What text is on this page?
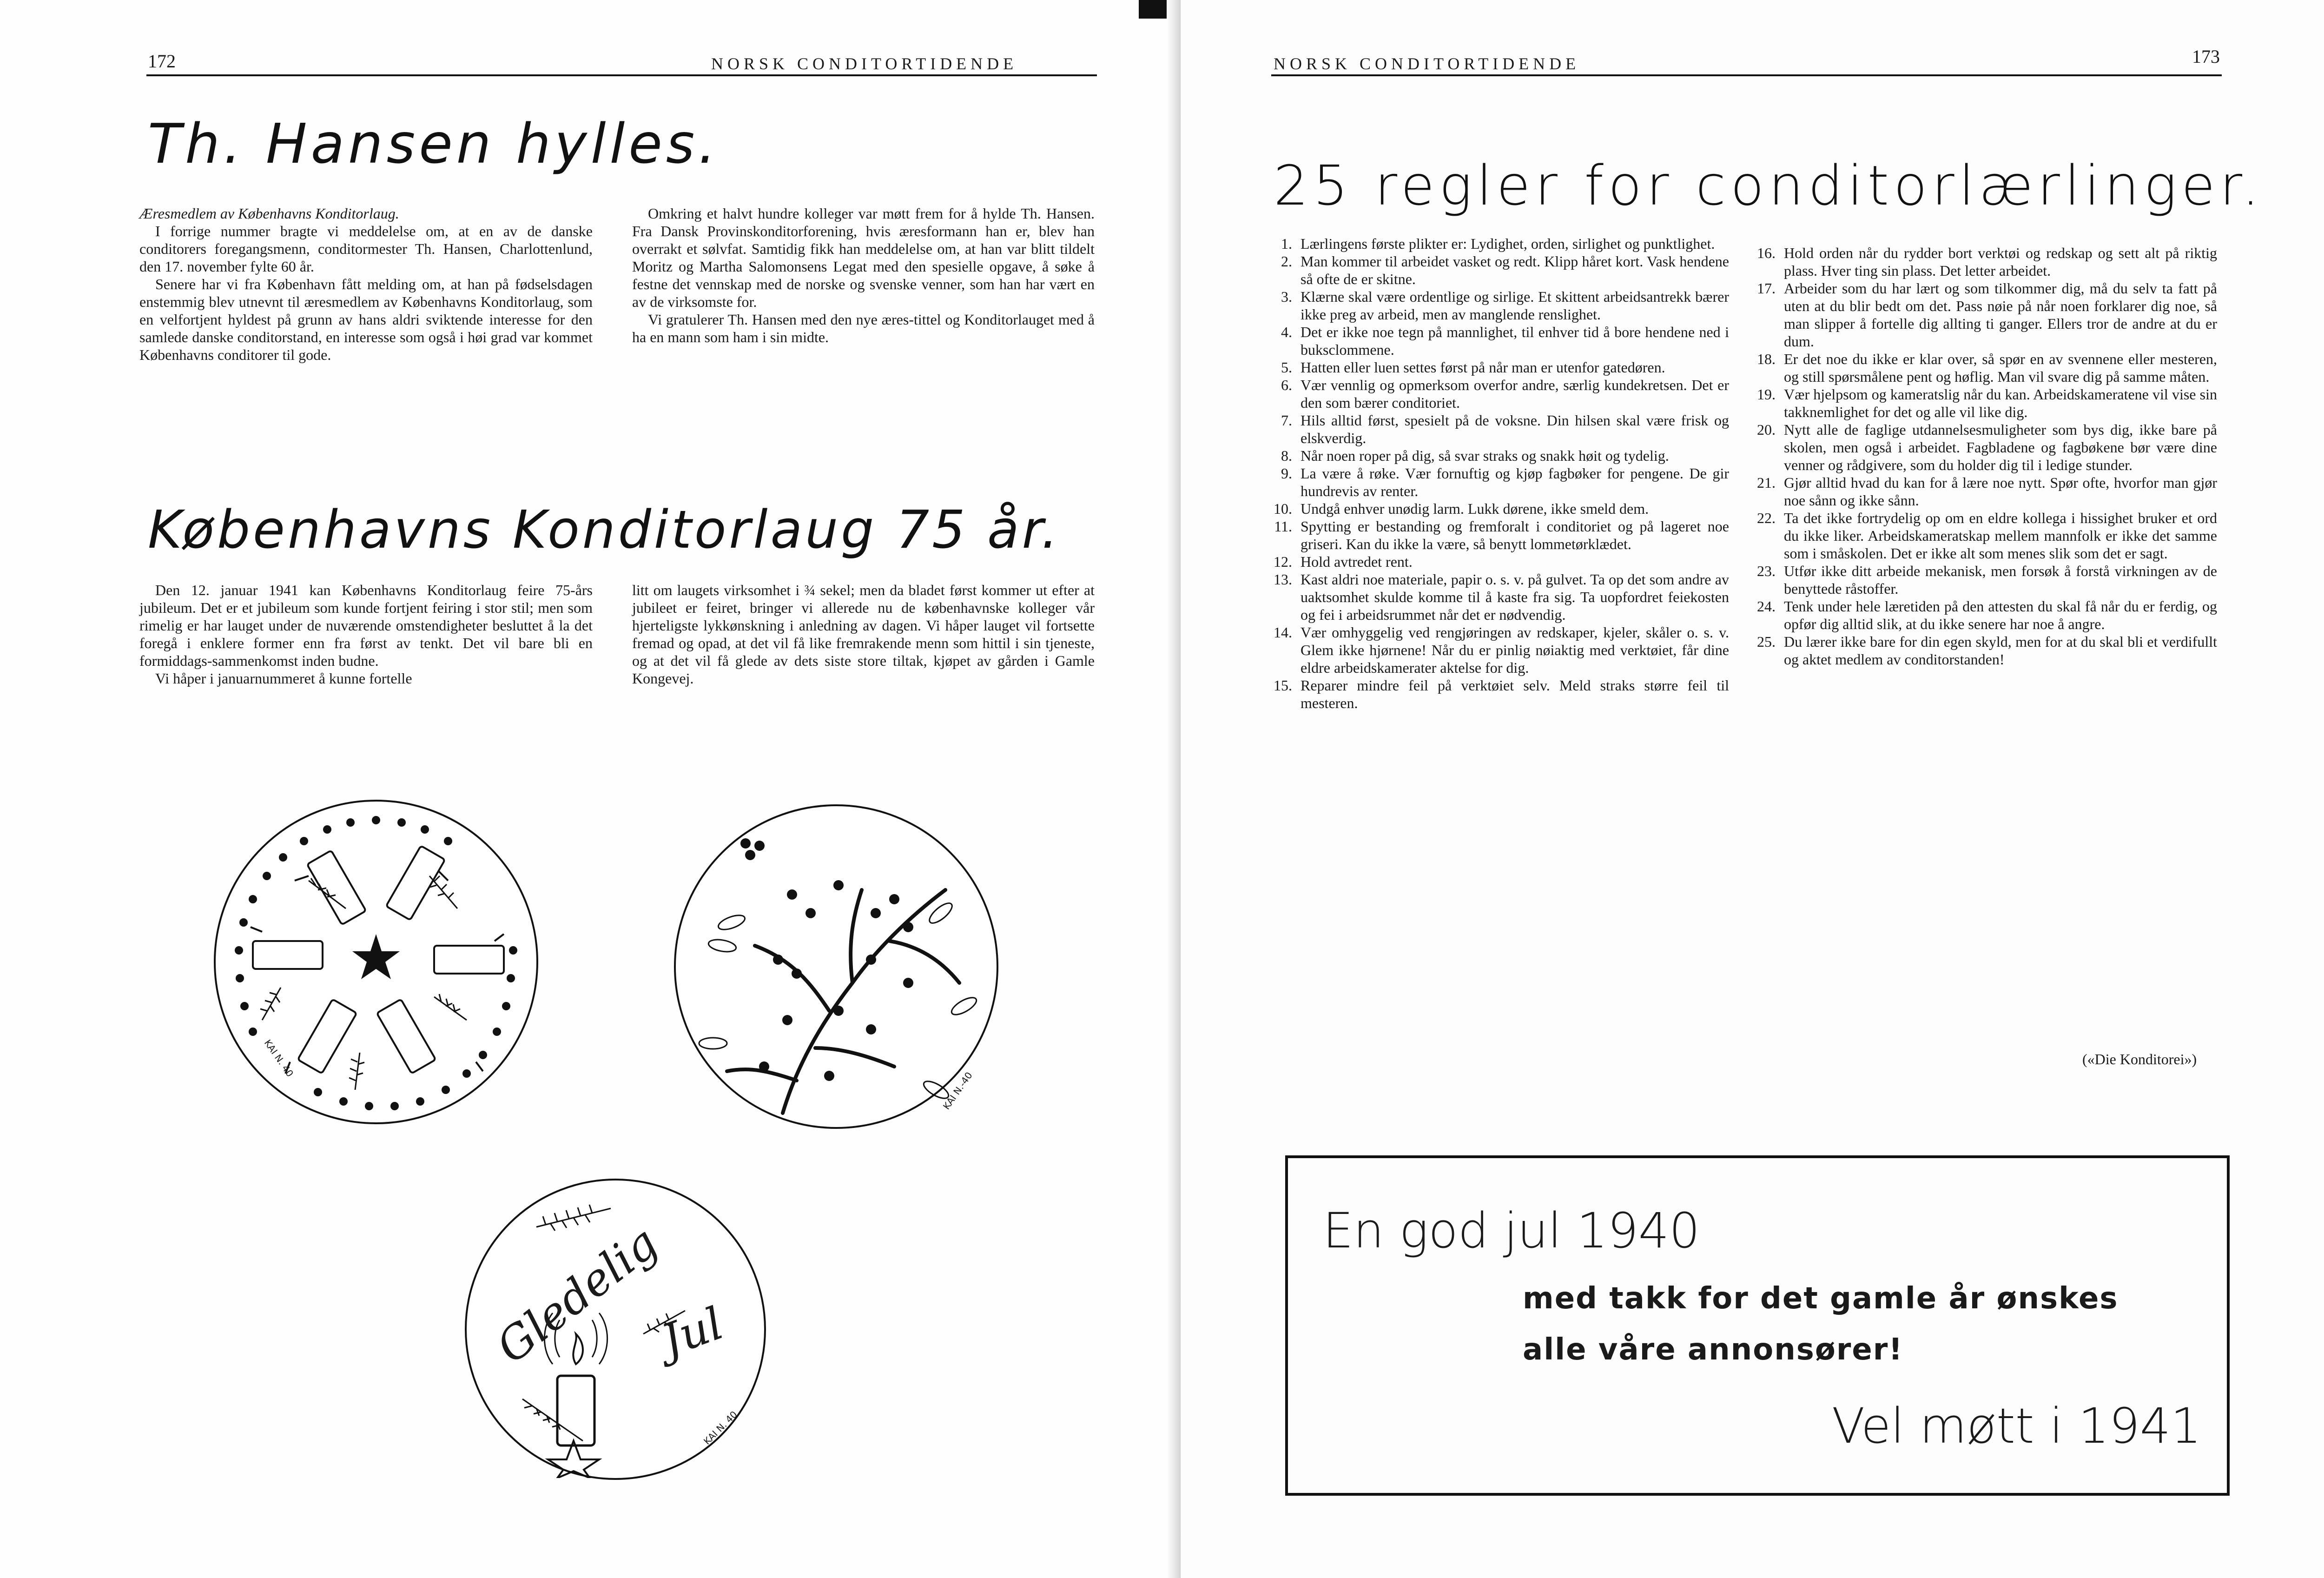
172	NORSK CONDITORTIDENDE
Th. Hansen hylles.

Æresmedlem av Københavns Konditorlaug.

I forrige nummer bragte vi meddelelse om, at en av de danske conditorers foregangsmenn, conditormester Th. Hansen, Charlottenlund, den 17. november fylte 60 år.

Senere har vi fra København fått melding om, at han på fødselsdagen enstemmig blev utnevnt til æresmedlem av Københavns Konditorlaug, som en velfortjent hyldest på grunn av hans aldri sviktende interesse for den samlede danske conditorstand, en interesse som også i høi grad var kommet Københavns conditorer til gode.

Omkring et halvt hundre kolleger var møtt frem for å hylde Th. Hansen. Fra Dansk Provinskonditorforening, hvis æresformann han er, blev han overrakt et sølvfat. Samtidig fikk han meddelelse om, at han var blitt tildelt Moritz og Martha Salomonsens Legat med den spesielle opgave, å søke å festne det vennskap med de norske og svenske venner, som han har vært en av de virksomste for.

Vi gratulerer Th. Hansen med den nye æres-tittel og Konditorlauget med å ha en mann som ham i sin midte.

Københavns Konditorlaug 75 år.

Den 12. januar 1941 kan Københavns Konditorlaug feire 75-års jubileum. Det er et jubileum som kunde fortjent feiring i stor stil; men som rimelig er har lauget under de nuværende omstendigheter besluttet å la det foregå i enklere former enn fra først av tenkt. Det vil bare bli en formiddags-sammenkomst inden budne.

Vi håper i januarnummeret å kunne fortelle

litt om laugets virksomhet i ¾ sekel; men da bladet først kommer ut efter at jubileet er feiret, bringer vi allerede nu de københavnske kolleger vår hjerteligste lykkønskning i anledning av dagen. Vi håper lauget vil fortsette fremad og opad, at det vil få like fremrakende menn som hittil i sin tjeneste, og at det vil få glede av dets siste store tiltak, kjøpet av gården i Gamle Kongevej.

KAI N. 40
KAI N.-40
Gledelig
Jul
KAI N. 40
NORSK CONDITORTIDENDE	173
25 regler for conditorlærlinger.
1. Lærlingens første plikter er: Lydighet, orden, sirlighet og punktlighet.
2. Man kommer til arbeidet vasket og redt. Klipp håret kort. Vask hendene så ofte de er skitne.
3. Klærne skal være ordentlige og sirlige. Et skittent arbeidsantrekk bærer ikke preg av arbeid, men av manglende renslighet.
4. Det er ikke noe tegn på mannlighet, til enhver tid å bore hendene ned i buksclommene.
5. Hatten eller luen settes først på når man er utenfor gatedøren.
6. Vær vennlig og opmerksom overfor andre, særlig kundekretsen. Det er den som bærer conditoriet.
7. Hils alltid først, spesielt på de voksne. Din hilsen skal være frisk og elskverdig.
8. Når noen roper på dig, så svar straks og snakk høit og tydelig.
9. La være å røke. Vær fornuftig og kjøp fagbøker for pengene. De gir hundrevis av renter.
10. Undgå enhver unødig larm. Lukk dørene, ikke smeld dem.
11. Spytting er bestanding og fremforalt i conditoriet og på lageret noe griseri. Kan du ikke la være, så benytt lommetørklædet.
12. Hold avtredet rent.
13. Kast aldri noe materiale, papir o. s. v. på gulvet. Ta op det som andre av uaktsomhet skulde komme til å kaste fra sig. Ta uopfordret feiekosten og fei i arbeidsrummet når det er nødvendig.
14. Vær omhyggelig ved rengjøringen av redskaper, kjeler, skåler o. s. v. Glem ikke hjørnene! Når du er pinlig nøiaktig med verktøiet, får dine eldre arbeidskamerater aktelse for dig.
15. Reparer mindre feil på verktøiet selv. Meld straks større feil til mesteren.
16. Hold orden når du rydder bort verktøi og redskap og sett alt på riktig plass. Hver ting sin plass. Det letter arbeidet.
17. Arbeider som du har lært og som tilkommer dig, må du selv ta fatt på uten at du blir bedt om det. Pass nøie på når noen forklarer dig noe, så man slipper å fortelle dig allting ti ganger. Ellers tror de andre at du er dum.
18. Er det noe du ikke er klar over, så spør en av svennene eller mesteren, og still spørsmålene pent og høflig. Man vil svare dig på samme måten.
19. Vær hjelpsom og kameratslig når du kan. Arbeidskameratene vil vise sin takknemlighet for det og alle vil like dig.
20. Nytt alle de faglige utdannelsesmuligheter som bys dig, ikke bare på skolen, men også i arbeidet. Fagbladene og fagbøkene bør være dine venner og rådgivere, som du holder dig til i ledige stunder.
21. Gjør alltid hvad du kan for å lære noe nytt. Spør ofte, hvorfor man gjør noe sånn og ikke sånn.
22. Ta det ikke fortrydelig op om en eldre kollega i hissighet bruker et ord du ikke liker. Arbeidskameratskap mellem mannfolk er ikke det samme som i småskolen. Det er ikke alt som menes slik som det er sagt.
23. Utfør ikke ditt arbeide mekanisk, men forsøk å forstå virkningen av de benyttede råstoffer.
24. Tenk under hele læretiden på den attesten du skal få når du er ferdig, og opfør dig alltid slik, at du ikke senere har noe å angre.
25. Du lærer ikke bare for din egen skyld, men for at du skal bli et verdifullt og aktet medlem av conditorstanden!
(«Die Konditorei»)
En god jul 1940
med takk for det gamle år ønskes
alle våre annonsører!
Vel møtt i 1941
